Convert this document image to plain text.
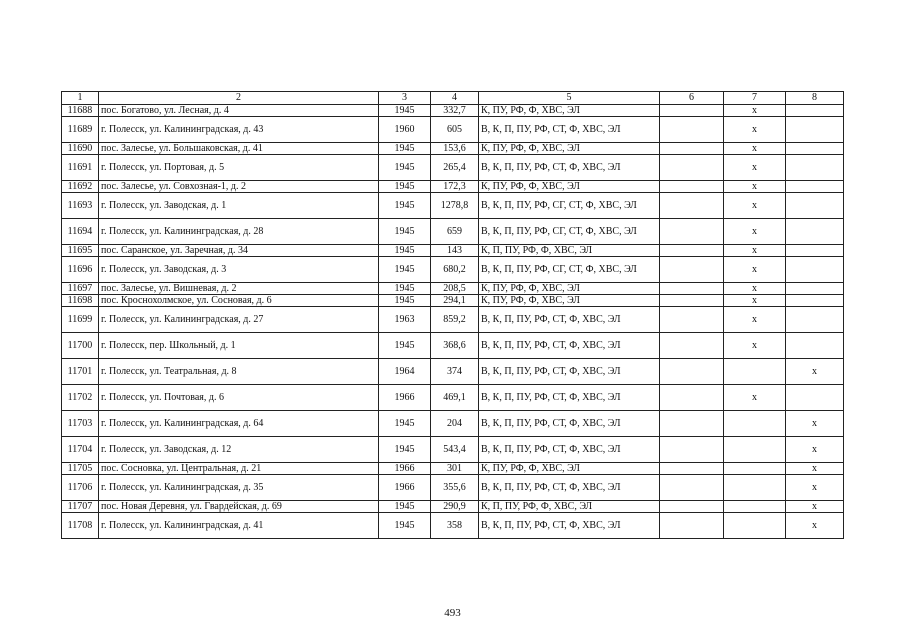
1	2	3	4	5	6	7	8
11688	пос. Богатово, ул. Лесная, д. 4	1945	332,7	К, ПУ, РФ, Ф, ХВС, ЭЛ		x	
11689	г. Полесск, ул. Калининградская, д. 43	1960	605	В, К, П, ПУ, РФ, СТ, Ф, ХВС, ЭЛ		x	
11690	пос. Залесье, ул. Большаковская, д. 41	1945	153,6	К, ПУ, РФ, Ф, ХВС, ЭЛ		x	
11691	г. Полесск, ул. Портовая, д. 5	1945	265,4	В, К, П, ПУ, РФ, СТ, Ф, ХВС, ЭЛ		x	
11692	пос. Залесье, ул. Совхозная-1, д. 2	1945	172,3	К, ПУ, РФ, Ф, ХВС, ЭЛ		x	
11693	г. Полесск, ул. Заводская, д. 1	1945	1278,8	В, К, П, ПУ, РФ, СГ, СТ, Ф, ХВС, ЭЛ		x	
11694	г. Полесск, ул. Калининградская, д. 28	1945	659	В, К, П, ПУ, РФ, СГ, СТ, Ф, ХВС, ЭЛ		x	
11695	пос. Саранское, ул. Заречная, д. 34	1945	143	К, П, ПУ, РФ, Ф, ХВС, ЭЛ		x	
11696	г. Полесск, ул. Заводская, д. 3	1945	680,2	В, К, П, ПУ, РФ, СГ, СТ, Ф, ХВС, ЭЛ		x	
11697	пос. Залесье, ул. Вишневая, д. 2	1945	208,5	К, ПУ, РФ, Ф, ХВС, ЭЛ		x	
11698	пос. Кроснохолмское, ул. Сосновая, д. 6	1945	294,1	К, ПУ, РФ, Ф, ХВС, ЭЛ		x	
11699	г. Полесск, ул. Калининградская, д. 27	1963	859,2	В, К, П, ПУ, РФ, СТ, Ф, ХВС, ЭЛ		x	
11700	г. Полесск, пер. Школьный, д. 1	1945	368,6	В, К, П, ПУ, РФ, СТ, Ф, ХВС, ЭЛ		x	
11701	г. Полесск, ул. Театральная, д. 8	1964	374	В, К, П, ПУ, РФ, СТ, Ф, ХВС, ЭЛ			x
11702	г. Полесск, ул. Почтовая, д. 6	1966	469,1	В, К, П, ПУ, РФ, СТ, Ф, ХВС, ЭЛ		x	
11703	г. Полесск, ул. Калининградская, д. 64	1945	204	В, К, П, ПУ, РФ, СТ, Ф, ХВС, ЭЛ			x
11704	г. Полесск, ул. Заводская, д. 12	1945	543,4	В, К, П, ПУ, РФ, СТ, Ф, ХВС, ЭЛ			x
11705	пос. Сосновка, ул. Центральная, д. 21	1966	301	К, ПУ, РФ, Ф, ХВС, ЭЛ			x
11706	г. Полесск, ул. Калининградская, д. 35	1966	355,6	В, К, П, ПУ, РФ, СТ, Ф, ХВС, ЭЛ			x
11707	пос. Новая Деревня, ул. Гвардейская, д. 69	1945	290,9	К, П, ПУ, РФ, Ф, ХВС, ЭЛ			x
11708	г. Полесск, ул. Калининградская, д. 41	1945	358	В, К, П, ПУ, РФ, СТ, Ф, ХВС, ЭЛ			x
493
